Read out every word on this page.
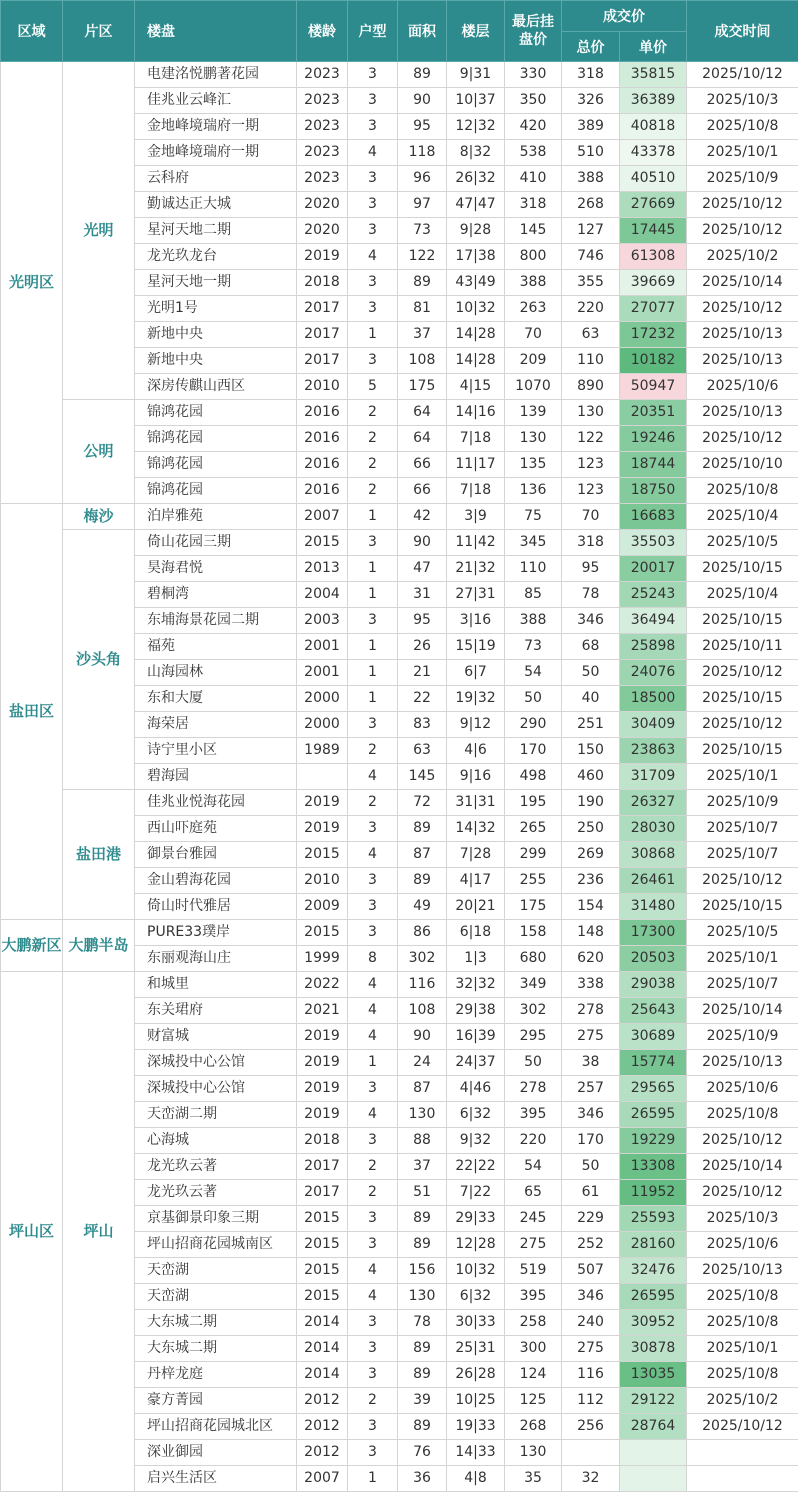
区域	片区	楼盘	楼龄	户型	面积	楼层	最后挂盘价	成交价		成交时间
								总价	单价	
光明区	光明	电建洺悦鹏著花园	2023	3	89	9|31	330	318	35815	2025/10/12
		佳兆业云峰汇	2023	3	90	10|37	350	326	36389	2025/10/3
		金地峰境瑞府一期	2023	3	95	12|32	420	389	40818	2025/10/8
		金地峰境瑞府一期	2023	4	118	8|32	538	510	43378	2025/10/1
		云科府	2023	3	96	26|32	410	388	40510	2025/10/9
		勤诚达正大城	2020	3	97	47|47	318	268	27669	2025/10/12
		星河天地二期	2020	3	73	9|28	145	127	17445	2025/10/12
		龙光玖龙台	2019	4	122	17|38	800	746	61308	2025/10/2
		星河天地一期	2018	3	89	43|49	388	355	39669	2025/10/14
		光明1号	2017	3	81	10|32	263	220	27077	2025/10/12
		新地中央	2017	1	37	14|28	70	63	17232	2025/10/13
		新地中央	2017	3	108	14|28	209	110	10182	2025/10/13
		深房传麒山西区	2010	5	175	4|15	1070	890	50947	2025/10/6
	公明	锦鸿花园	2016	2	64	14|16	139	130	20351	2025/10/13
		锦鸿花园	2016	2	64	7|18	130	122	19246	2025/10/12
		锦鸿花园	2016	2	66	11|17	135	123	18744	2025/10/10
		锦鸿花园	2016	2	66	7|18	136	123	18750	2025/10/8
盐田区	梅沙	泊岸雅苑	2007	1	42	3|9	75	70	16683	2025/10/4
	沙头角	倚山花园三期	2015	3	90	11|42	345	318	35503	2025/10/5
		昊海君悦	2013	1	47	21|32	110	95	20017	2025/10/15
		碧桐湾	2004	1	31	27|31	85	78	25243	2025/10/4
		东埔海景花园二期	2003	3	95	3|16	388	346	36494	2025/10/15
		福苑	2001	1	26	15|19	73	68	25898	2025/10/11
		山海园林	2001	1	21	6|7	54	50	24076	2025/10/12
		东和大厦	2000	1	22	19|32	50	40	18500	2025/10/15
		海荣居	2000	3	83	9|12	290	251	30409	2025/10/12
		诗宁里小区	1989	2	63	4|6	170	150	23863	2025/10/15
		碧海园		4	145	9|16	498	460	31709	2025/10/1
	盐田港	佳兆业悦海花园	2019	2	72	31|31	195	190	26327	2025/10/9
		西山吓庭苑	2019	3	89	14|32	265	250	28030	2025/10/7
		御景台雅园	2015	4	87	7|28	299	269	30868	2025/10/7
		金山碧海花园	2010	3	89	4|17	255	236	26461	2025/10/12
		倚山时代雅居	2009	3	49	20|21	175	154	31480	2025/10/15
大鹏新区	大鹏半岛	PURE33璞岸	2015	3	86	6|18	158	148	17300	2025/10/5
		东丽观海山庄	1999	8	302	1|3	680	620	20503	2025/10/1
坪山区	坪山	和城里	2022	4	116	32|32	349	338	29038	2025/10/7
		东关珺府	2021	4	108	29|38	302	278	25643	2025/10/14
		财富城	2019	4	90	16|39	295	275	30689	2025/10/9
		深城投中心公馆	2019	1	24	24|37	50	38	15774	2025/10/13
		深城投中心公馆	2019	3	87	4|46	278	257	29565	2025/10/6
		天峦湖二期	2019	4	130	6|32	395	346	26595	2025/10/8
		心海城	2018	3	88	9|32	220	170	19229	2025/10/12
		龙光玖云著	2017	2	37	22|22	54	50	13308	2025/10/14
		龙光玖云著	2017	2	51	7|22	65	61	11952	2025/10/12
		京基御景印象三期	2015	3	89	29|33	245	229	25593	2025/10/3
		坪山招商花园城南区	2015	3	89	12|28	275	252	28160	2025/10/6
		天峦湖	2015	4	156	10|32	519	507	32476	2025/10/13
		天峦湖	2015	4	130	6|32	395	346	26595	2025/10/8
		大东城二期	2014	3	78	30|33	258	240	30952	2025/10/8
		大东城二期	2014	3	89	25|31	300	275	30878	2025/10/1
		丹梓龙庭	2014	3	89	26|28	124	116	13035	2025/10/8
		豪方菁园	2012	2	39	10|25	125	112	29122	2025/10/2
		坪山招商花园城北区	2012	3	89	19|33	268	256	28764	2025/10/12
		深业御园	2012	3	76	14|33	130			
		启兴生活区	2007	1	36	4|8	35	32		
